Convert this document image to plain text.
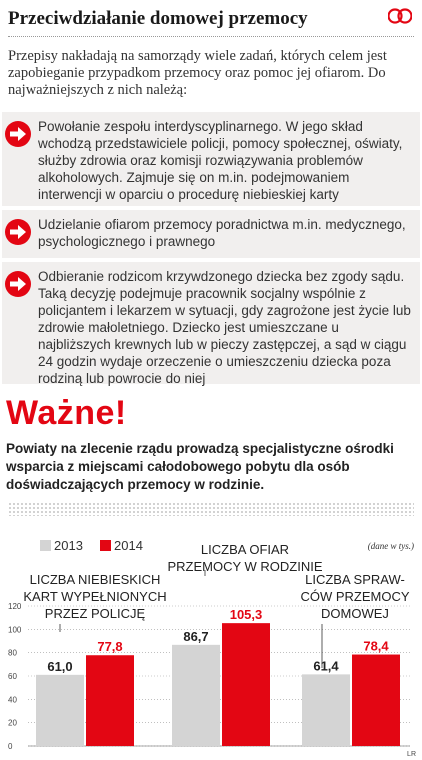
Przeciwdziałanie domowej przemocy
Przepisy nakładają na samorządy wiele zadań, których celem jest zapobieganie przypadkom przemocy oraz pomoc jej ofiarom. Do najważniejszych z nich należą:
Powołanie zespołu interdyscyplinarnego. W jego skład wchodzą przedstawiciele policji, pomocy społecznej, oświaty, służby zdrowia oraz komisji rozwiązywania problemów alkoholowych. Zajmuje się on m.in. podejmowaniem interwencji w oparciu o procedurę niebieskiej karty
Udzielanie ofiarom przemocy poradnictwa m.in. medycznego, psychologicznego i prawnego
Odbieranie rodzicom krzywdzonego dziecka bez zgody sądu. Taką decyzję podejmuje pracownik socjalny wspólnie z policjantem i lekarzem w sytuacji, gdy zagrożone jest życie lub zdrowie małoletniego. Dziecko jest umieszczane u najbliższych krewnych lub w pieczy zastępczej, a sąd w ciągu 24 godzin wydaje orzeczenie o umieszczeniu dziecka poza rodziną lub powrocie do niej
Ważne!
Powiaty na zlecenie rządu prowadzą specjalistyczne ośrodki wsparcia z miejscami całodobowego pobytu dla osób doświadczających przemocy w rodzinie.
2013 2014	(dane w tys.)
0
20
40
60
80
100
120
LICZBA NIEBIESKICH
KART WYPEŁNIONYCH
PRZEZ POLICJĘ
61,0
77,8
LICZBA OFIAR
PRZEMOCY W RODZINIE
86,7
105,3
LICZBA SPRAW-
CÓW PRZEMOCY
DOMOWEJ
61,4
78,4
LR
